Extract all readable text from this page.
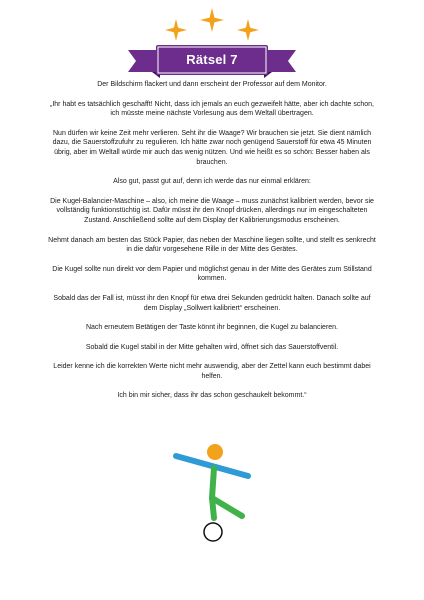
Rätsel 7

Der Bildschirm flackert und dann erscheint der Professor auf dem Monitor.

„Ihr habt es tatsächlich geschafft! Nicht, dass ich jemals an euch gezweifelt hätte, aber ich dachte schon, ich müsste meine nächste Vorlesung aus dem Weltall übertragen.

Nun dürfen wir keine Zeit mehr verlieren. Seht ihr die Waage? Wir brauchen sie jetzt. Sie dient nämlich dazu, die Sauerstoffzufuhr zu regulieren. Ich hätte zwar noch genügend Sauerstoff für etwa 45 Minuten übrig, aber im Weltall würde mir auch das wenig nützen. Und wie heißt es so schön: Besser haben als brauchen.

Also gut, passt gut auf, denn ich werde das nur einmal erklären:

Die Kugel-Balancier-Maschine – also, ich meine die Waage – muss zunächst kalibriert werden, bevor sie vollständig funktionstüchtig ist. Dafür müsst ihr den Knopf drücken, allerdings nur im eingeschalteten Zustand. Anschließend sollte auf dem Display der Kalibrierungsmodus erscheinen.

Nehmt danach am besten das Stück Papier, das neben der Maschine liegen sollte, und stellt es senkrecht in die dafür vorgesehene Rille in der Mitte des Gerätes.

Die Kugel sollte nun direkt vor dem Papier und möglichst genau in der Mitte des Gerätes zum Stillstand kommen.

Sobald das der Fall ist, müsst ihr den Knopf für etwa drei Sekunden gedrückt halten. Danach sollte auf dem Display „Sollwert kalibriert“ erscheinen.

Nach erneutem Betätigen der Taste könnt ihr beginnen, die Kugel zu balancieren.

Sobald die Kugel stabil in der Mitte gehalten wird, öffnet sich das Sauerstoffventil.

Leider kenne ich die korrekten Werte nicht mehr auswendig, aber der Zettel kann euch bestimmt dabei helfen.

Ich bin mir sicher, dass ihr das schon geschaukelt bekommt.“
